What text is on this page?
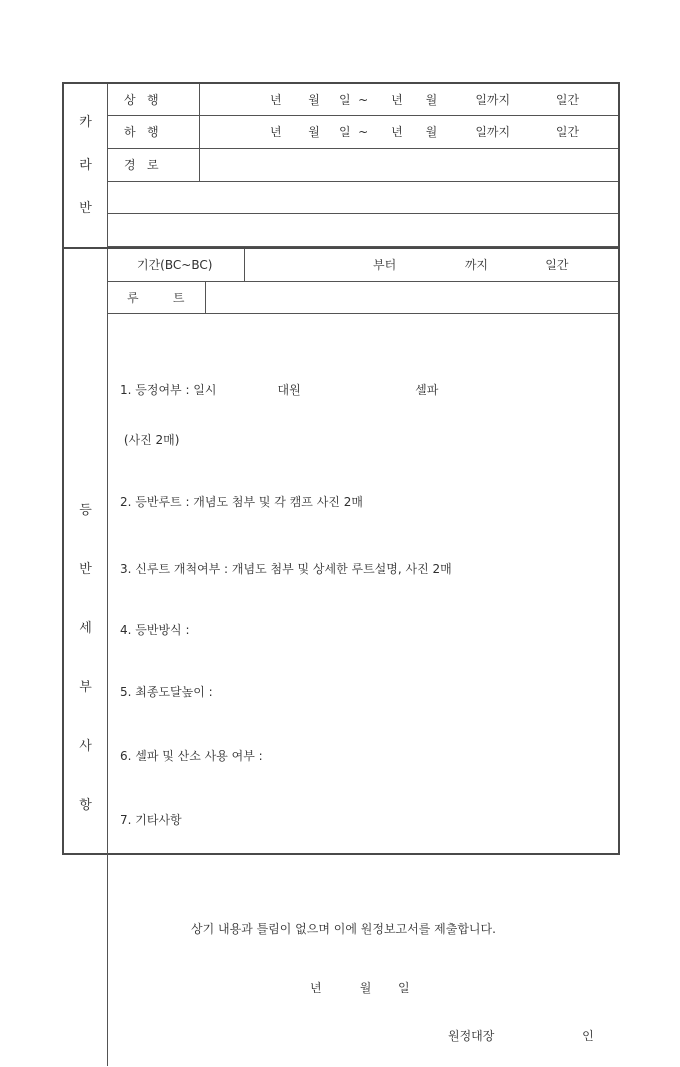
카
라
반
상   행	년       월     일  ~      년      월          일까지            일간
하   행	년       월     일  ~      년      월          일까지            일간
경   로
등
반
세
부
사
항
기간(BC~BC)	부터                  까지               일간
루         트

1. 등정여부 : 일시                대원                              셀파

(사진 2매)

2. 등반루트 : 개념도 첨부 및 각 캠프 사진 2매

3. 신루트 개척여부 : 개념도 첨부 및 상세한 루트설명, 사진 2매

4. 등반방식 :

5. 최종도달높이 :

6. 셀파 및 산소 사용 여부 :

7. 기타사항

상기 내용과 틀림이 없으며 이에 원정보고서를 제출합니다.

년          월       일

원정대장                       인
